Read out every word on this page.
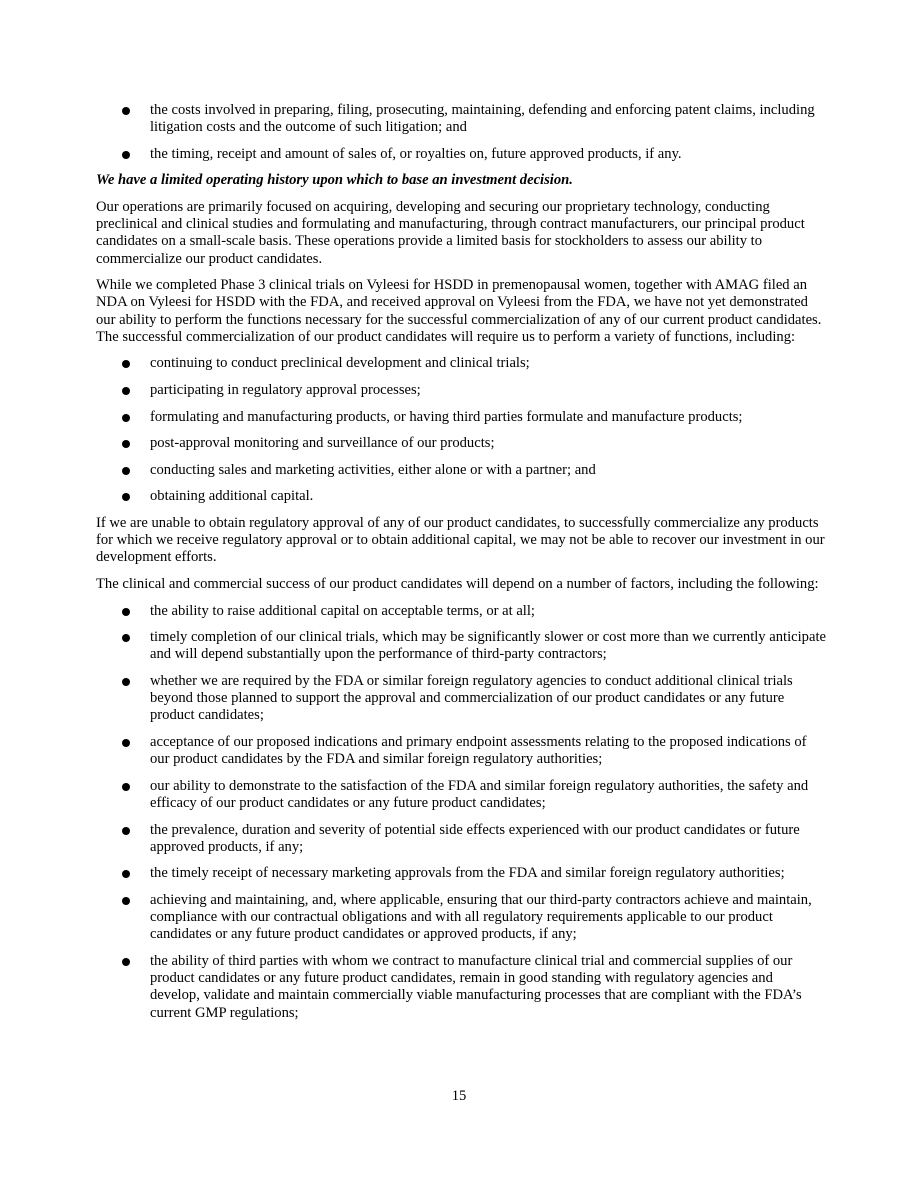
the costs involved in preparing, filing, prosecuting, maintaining, defending and enforcing patent claims, including litigation costs and the outcome of such litigation; and
the timing, receipt and amount of sales of, or royalties on, future approved products, if any.

We have a limited operating history upon which to base an investment decision.

Our operations are primarily focused on acquiring, developing and securing our proprietary technology, conducting preclinical and clinical studies and formulating and manufacturing, through contract manufacturers, our principal product candidates on a small-scale basis. These operations provide a limited basis for stockholders to assess our ability to commercialize our product candidates.

While we completed Phase 3 clinical trials on Vyleesi for HSDD in premenopausal women, together with AMAG filed an NDA on Vyleesi for HSDD with the FDA, and received approval on Vyleesi from the FDA, we have not yet demonstrated our ability to perform the functions necessary for the successful commercialization of any of our current product candidates. The successful commercialization of our product candidates will require us to perform a variety of functions, including:

continuing to conduct preclinical development and clinical trials;
participating in regulatory approval processes;
formulating and manufacturing products, or having third parties formulate and manufacture products;
post-approval monitoring and surveillance of our products;
conducting sales and marketing activities, either alone or with a partner; and
obtaining additional capital.

If we are unable to obtain regulatory approval of any of our product candidates, to successfully commercialize any products for which we receive regulatory approval or to obtain additional capital, we may not be able to recover our investment in our development efforts.

The clinical and commercial success of our product candidates will depend on a number of factors, including the following:

the ability to raise additional capital on acceptable terms, or at all;
timely completion of our clinical trials, which may be significantly slower or cost more than we currently anticipate and will depend substantially upon the performance of third-party contractors;
whether we are required by the FDA or similar foreign regulatory agencies to conduct additional clinical trials beyond those planned to support the approval and commercialization of our product candidates or any future product candidates;
acceptance of our proposed indications and primary endpoint assessments relating to the proposed indications of our product candidates by the FDA and similar foreign regulatory authorities;
our ability to demonstrate to the satisfaction of the FDA and similar foreign regulatory authorities, the safety and efficacy of our product candidates or any future product candidates;
the prevalence, duration and severity of potential side effects experienced with our product candidates or future approved products, if any;
the timely receipt of necessary marketing approvals from the FDA and similar foreign regulatory authorities;
achieving and maintaining, and, where applicable, ensuring that our third-party contractors achieve and maintain, compliance with our contractual obligations and with all regulatory requirements applicable to our product candidates or any future product candidates or approved products, if any;
the ability of third parties with whom we contract to manufacture clinical trial and commercial supplies of our product candidates or any future product candidates, remain in good standing with regulatory agencies and develop, validate and maintain commercially viable manufacturing processes that are compliant with the FDA’s current GMP regulations;
15
